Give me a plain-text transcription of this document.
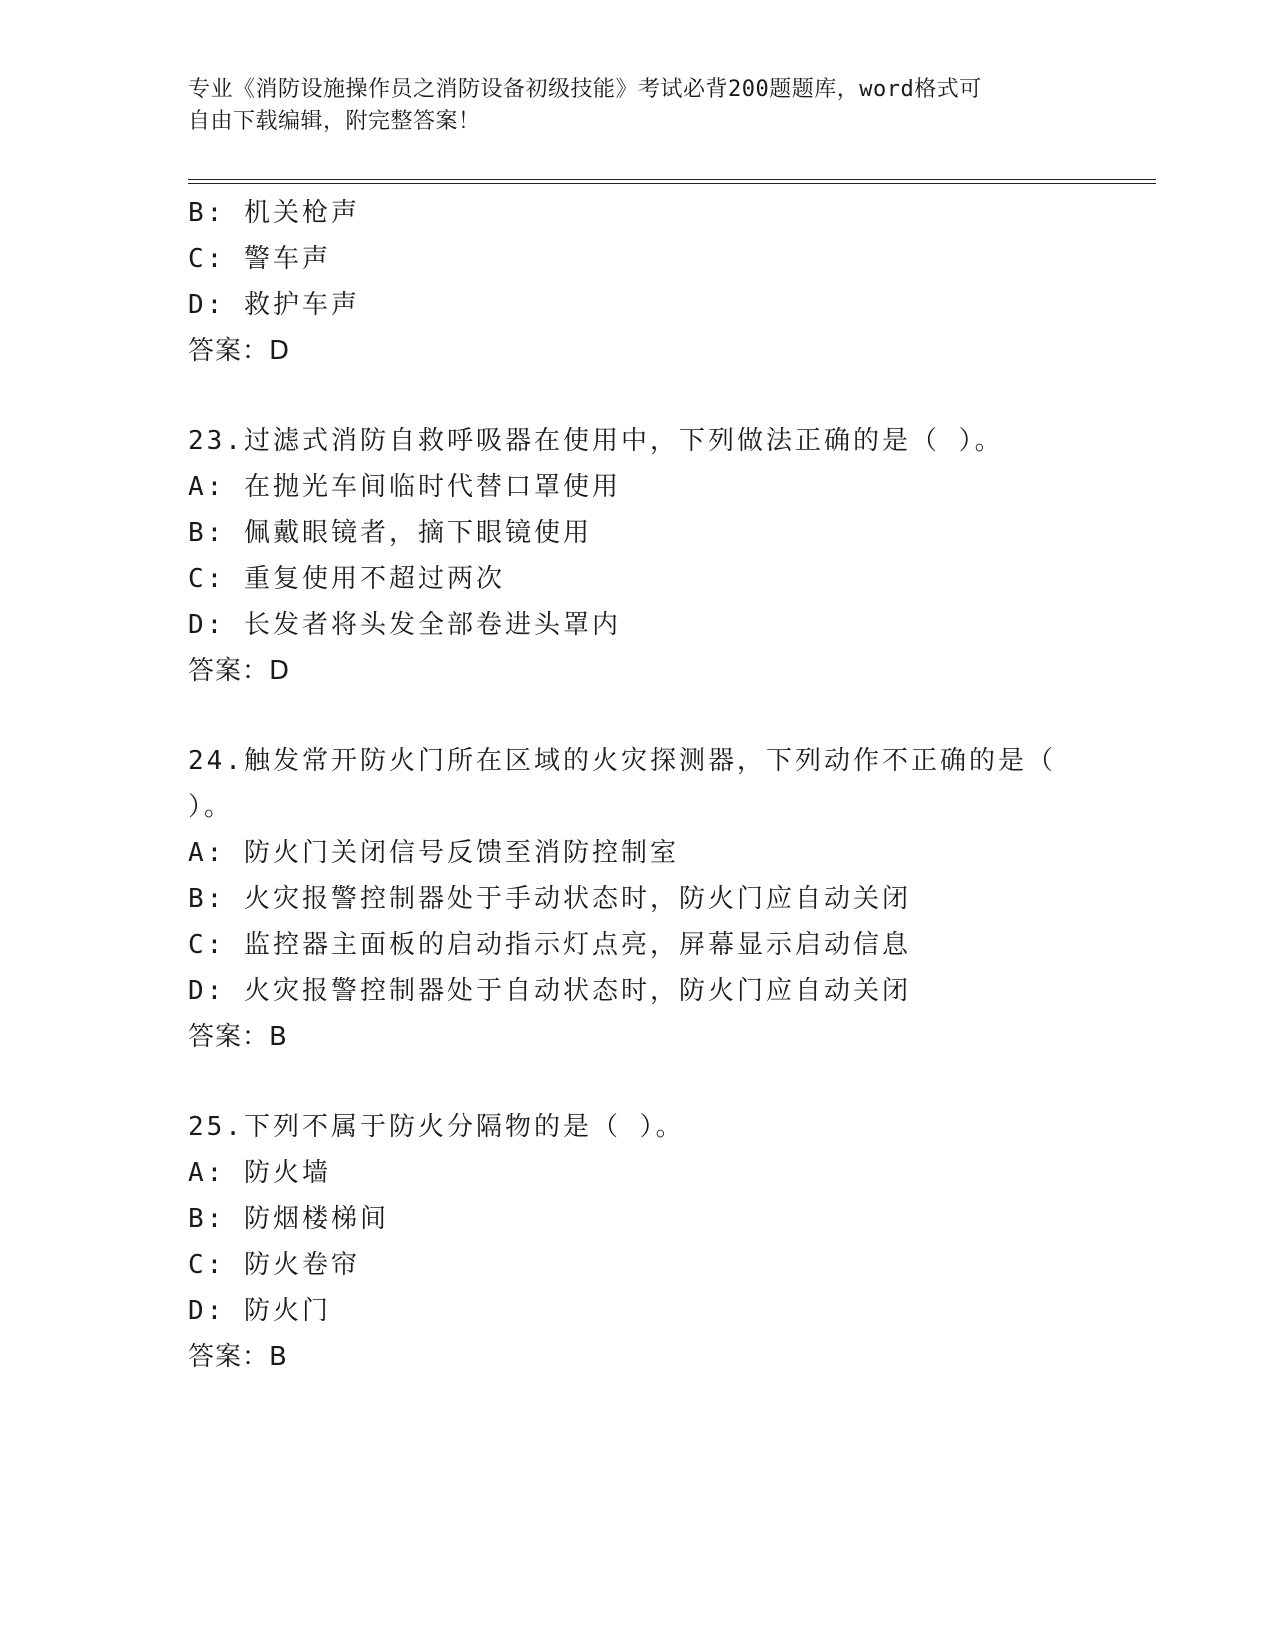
专业《消防设施操作员之消防设备初级技能》考试必背200题题库，word格式可
自由下载编辑，附完整答案！
B: 机关枪声
C: 警车声
D: 救护车声
答案：D
23.过滤式消防自救呼吸器在使用中，下列做法正确的是（ ）。
A: 在抛光车间临时代替口罩使用
B: 佩戴眼镜者，摘下眼镜使用
C: 重复使用不超过两次
D: 长发者将头发全部卷进头罩内
答案：D
24.触发常开防火门所在区域的火灾探测器，下列动作不正确的是（
）。
A: 防火门关闭信号反馈至消防控制室
B: 火灾报警控制器处于手动状态时，防火门应自动关闭
C: 监控器主面板的启动指示灯点亮，屏幕显示启动信息
D: 火灾报警控制器处于自动状态时，防火门应自动关闭
答案：B
25.下列不属于防火分隔物的是（ ）。
A: 防火墙
B: 防烟楼梯间
C: 防火卷帘
D: 防火门
答案：B
